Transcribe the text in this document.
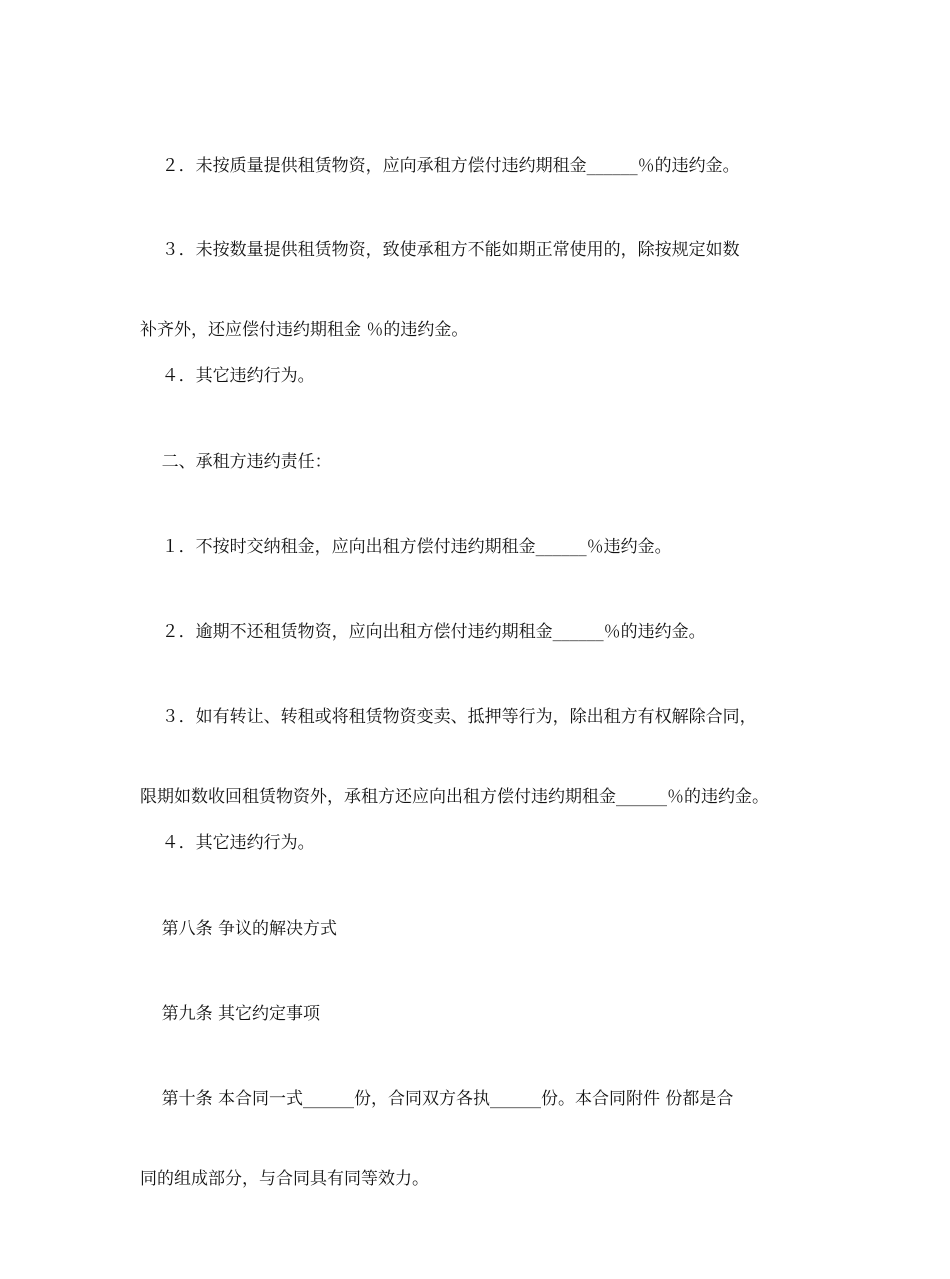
２．未按质量提供租赁物资，应向承租方偿付违约期租金______％的违约金。

３．未按数量提供租赁物资，致使承租方不能如期正常使用的，除按规定如数

补齐外，还应偿付违约期租金 ％的违约金。

４．其它违约行为。

二、承租方违约责任：

１．不按时交纳租金，应向出租方偿付违约期租金______％违约金。

２．逾期不还租赁物资，应向出租方偿付违约期租金______％的违约金。

３．如有转让、转租或将租赁物资变卖、抵押等行为，除出租方有权解除合同，

限期如数收回租赁物资外，承租方还应向出租方偿付违约期租金______％的违约金。

４．其它违约行为。

第八条 争议的解决方式

第九条 其它约定事项

第十条 本合同一式______份，合同双方各执______份。本合同附件 份都是合

同的组成部分，与合同具有同等效力。
